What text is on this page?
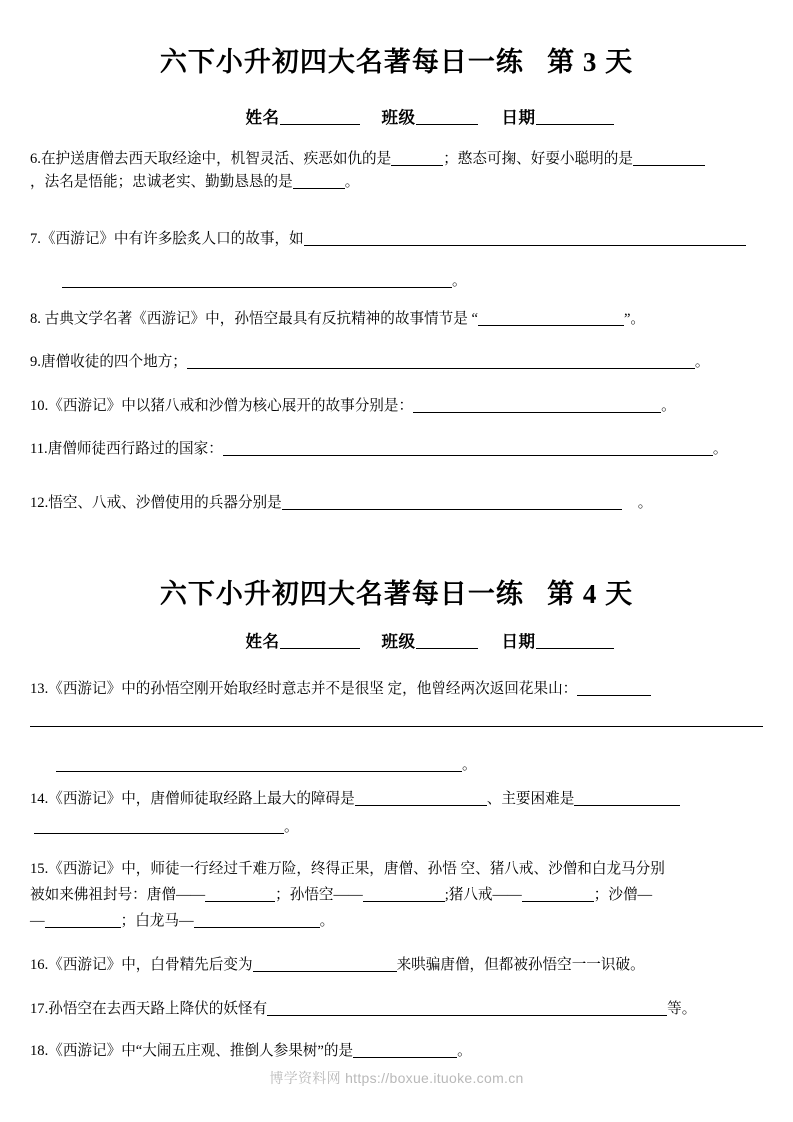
六下小升初四大名著每日一练   第 3 天
姓名	班级	日期
6.在护送唐僧去西天取经途中，机智灵活、疾恶如仇的是	；憨态可掬、好耍小聪明的是
，法名是悟能；忠诚老实、勤勤恳恳的是	。
7.《西游记》中有许多脍炙人口的故事，如
。
8. 古典文学名著《西游记》中，孙悟空最具有反抗精神的故事情节是 “	”。
9.唐僧收徒的四个地方；	。
10.《西游记》中以猪八戒和沙僧为核心展开的故事分别是：	。
11.唐僧师徒西行路过的国家：	。
12.悟空、八戒、沙僧使用的兵器分别是	。
六下小升初四大名著每日一练   第 4 天
姓名	班级	日期
13.《西游记》中的孙悟空刚开始取经时意志并不是很坚 定，他曾经两次返回花果山：
。
14.《西游记》中，唐僧师徒取经路上最大的障碍是	、主要困难是
。
15.《西游记》中，师徒一行经过千难万险，终得正果，唐僧、孙悟 空、猪八戒、沙僧和白龙马分别
被如来佛祖封号：唐僧——	；孙悟空——	;猪八戒——	；沙僧—
—	；白龙马—	。
16.《西游记》中，白骨精先后变为	来哄骗唐僧，但都被孙悟空一一识破。
17.孙悟空在去西天路上降伏的妖怪有	等。
18.《西游记》中“大闹五庄观、推倒人参果树”的是	。
博学资料网 https://boxue.ituoke.com.cn
